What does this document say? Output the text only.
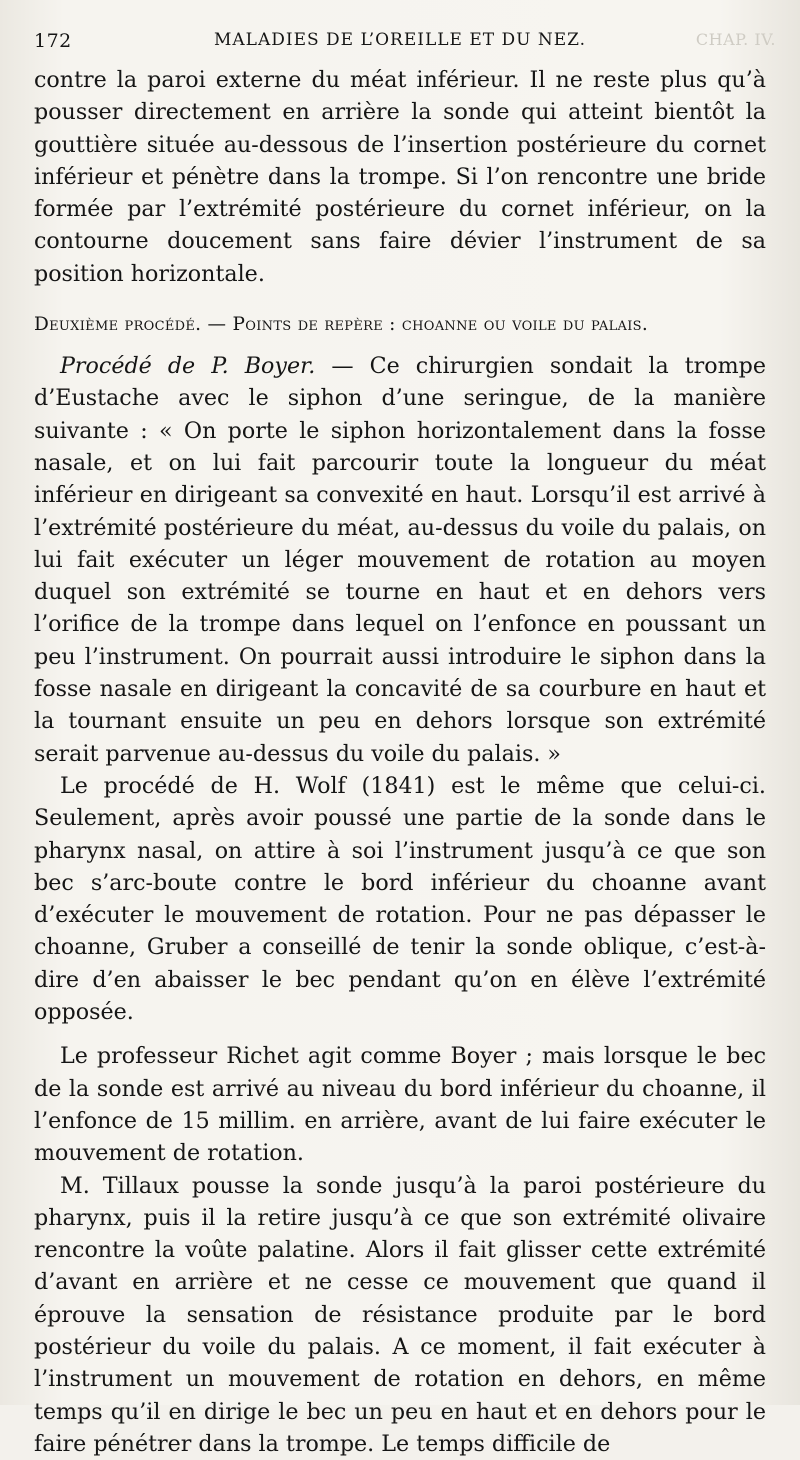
172	MALADIES DE L’OREILLE ET DU NEZ.	CHAP. IV.

contre la paroi externe du méat inférieur. Il ne reste plus qu’à pousser directement en arrière la sonde qui atteint bientôt la gouttière située au-dessous de l’insertion postérieure du cornet inférieur et pénètre dans la trompe. Si l’on rencontre une bride formée par l’extrémité postérieure du cornet inférieur, on la contourne doucement sans faire dévier l’instrument de sa position horizontale.

Deuxième procédé. — Points de repère : choanne ou voile du palais.

Procédé de P. Boyer. — Ce chirurgien sondait la trompe d’Eustache avec le siphon d’une seringue, de la manière suivante : « On porte le siphon horizontalement dans la fosse nasale, et on lui fait parcourir toute la longueur du méat inférieur en dirigeant sa convexité en haut. Lorsqu’il est arrivé à l’extrémité postérieure du méat, au-dessus du voile du palais, on lui fait exécuter un léger mouvement de rotation au moyen duquel son extrémité se tourne en haut et en dehors vers l’orifice de la trompe dans lequel on l’enfonce en poussant un peu l’instrument. On pourrait aussi introduire le siphon dans la fosse nasale en dirigeant la concavité de sa courbure en haut et la tournant ensuite un peu en dehors lorsque son extrémité serait parvenue au-dessus du voile du palais. »

Le procédé de H. Wolf (1841) est le même que celui-ci. Seulement, après avoir poussé une partie de la sonde dans le pharynx nasal, on attire à soi l’instrument jusqu’à ce que son bec s’arc-boute contre le bord inférieur du choanne avant d’exécuter le mouvement de rotation. Pour ne pas dépasser le choanne, Gruber a conseillé de tenir la sonde oblique, c’est-à-dire d’en abaisser le bec pendant qu’on en élève l’extrémité opposée.

Le professeur Richet agit comme Boyer ; mais lorsque le bec de la sonde est arrivé au niveau du bord inférieur du choanne, il l’enfonce de 15 millim. en arrière, avant de lui faire exécuter le mouvement de rotation.

M. Tillaux pousse la sonde jusqu’à la paroi postérieure du pharynx, puis il la retire jusqu’à ce que son extrémité olivaire rencontre la voûte palatine. Alors il fait glisser cette extrémité d’avant en arrière et ne cesse ce mouvement que quand il éprouve la sensation de résistance produite par le bord postérieur du voile du palais. A ce moment, il fait exécuter à l’instrument un mouvement de rotation en dehors, en même temps qu’il en dirige le bec un peu en haut et en dehors pour le faire pénétrer dans la trompe. Le temps difficile de
